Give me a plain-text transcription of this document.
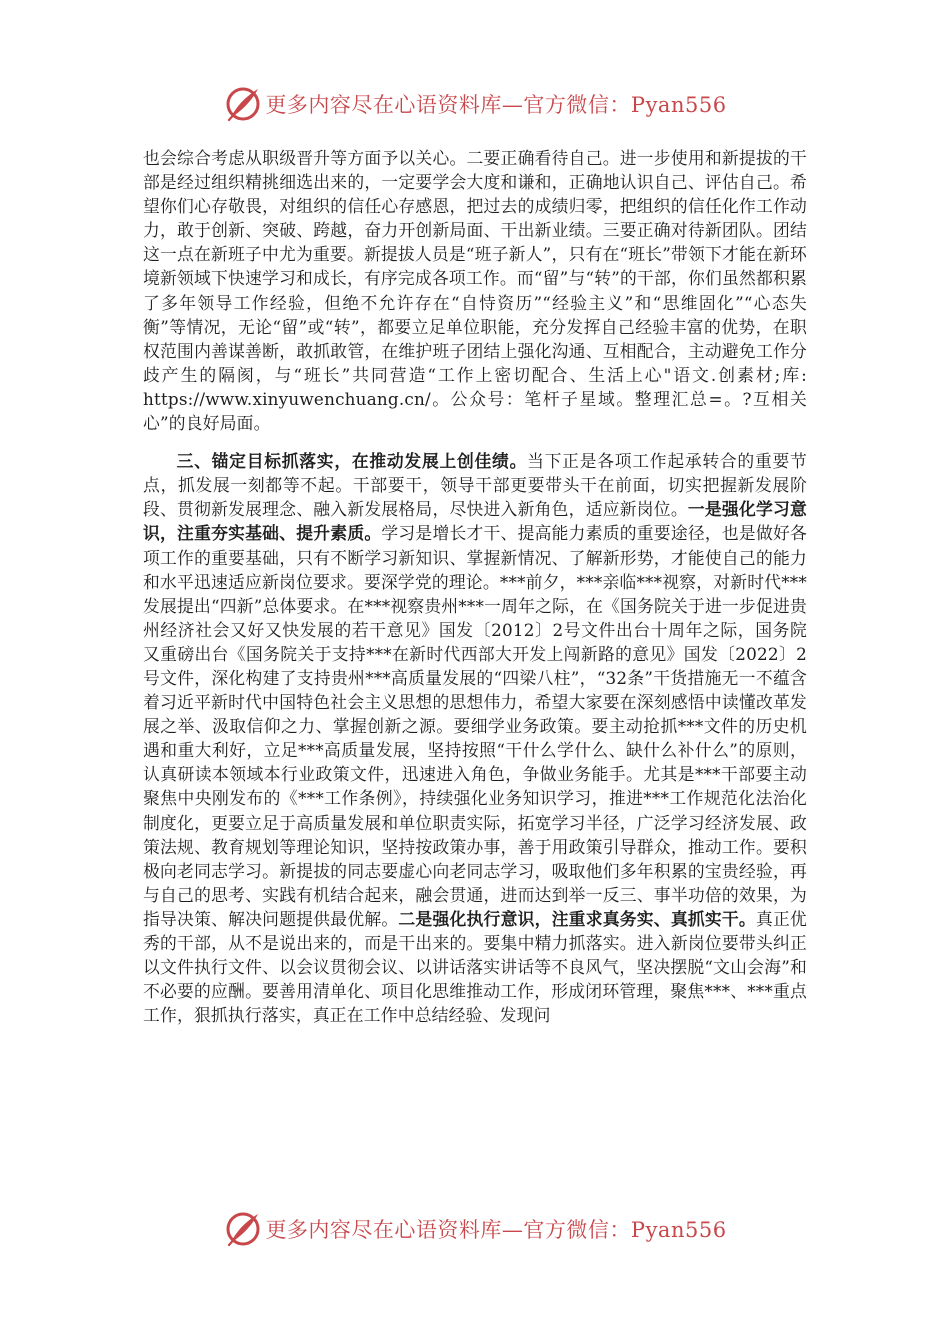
更多内容尽在心语资料库—官方微信：Pyan556

也会综合考虑从职级晋升等方面予以关心。二要正确看待自己。进一步使用和新提拔的干部是经过组织精挑细选出来的，一定要学会大度和谦和，正确地认识自己、评估自己。希望你们心存敬畏，对组织的信任心存感恩，把过去的成绩归零，把组织的信任化作工作动力，敢于创新、突破、跨越，奋力开创新局面、干出新业绩。三要正确对待新团队。团结这一点在新班子中尤为重要。新提拔人员是“班子新人”，只有在“班长”带领下才能在新环境新领域下快速学习和成长，有序完成各项工作。而“留”与“转”的干部，你们虽然都积累了多年领导工作经验，但绝不允许存在“自恃资历”“经验主义”和“思维固化”“心态失衡”等情况，无论“留”或“转”，都要立足单位职能，充分发挥自己经验丰富的优势，在职权范围内善谋善断，敢抓敢管，在维护班子团结上强化沟通、互相配合，主动避免工作分歧产生的隔阂，与“班长”共同营造“工作上密切配合、生活上心"语文.创素材;库: https://www.xinyuwenchuang.cn/。公众号：笔杆子星域。整理汇总=。?互相关心”的良好局面。

三、锚定目标抓落实，在推动发展上创佳绩。当下正是各项工作起承转合的重要节点，抓发展一刻都等不起。干部要干，领导干部更要带头干在前面，切实把握新发展阶段、贯彻新发展理念、融入新发展格局，尽快进入新角色，适应新岗位。一是强化学习意识，注重夯实基础、提升素质。学习是增长才干、提高能力素质的重要途径，也是做好各项工作的重要基础，只有不断学习新知识、掌握新情况、了解新形势，才能使自己的能力和水平迅速适应新岗位要求。要深学党的理论。***前夕，***亲临***视察，对新时代***发展提出“四新”总体要求。在***视察贵州***一周年之际，在《国务院关于进一步促进贵州经济社会又好又快发展的若干意见》国发〔2012〕2号文件出台十周年之际，国务院又重磅出台《国务院关于支持***在新时代西部大开发上闯新路的意见》国发〔2022〕2号文件，深化构建了支持贵州***高质量发展的“四梁八柱”，“32条”干货措施无一不蕴含着习近平新时代中国特色社会主义思想的思想伟力，希望大家要在深刻感悟中读懂改革发展之举、汲取信仰之力、掌握创新之源。要细学业务政策。要主动抢抓***文件的历史机遇和重大利好，立足***高质量发展，坚持按照“干什么学什么、缺什么补什么”的原则，认真研读本领域本行业政策文件，迅速进入角色，争做业务能手。尤其是***干部要主动聚焦中央刚发布的《***工作条例》，持续强化业务知识学习，推进***工作规范化法治化制度化，更要立足于高质量发展和单位职责实际，拓宽学习半径，广泛学习经济发展、政策法规、教育规划等理论知识，坚持按政策办事，善于用政策引导群众，推动工作。要积极向老同志学习。新提拔的同志要虚心向老同志学习，吸取他们多年积累的宝贵经验，再与自己的思考、实践有机结合起来，融会贯通，进而达到举一反三、事半功倍的效果，为指导决策、解决问题提供最优解。二是强化执行意识，注重求真务实、真抓实干。真正优秀的干部，从不是说出来的，而是干出来的。要集中精力抓落实。进入新岗位要带头纠正以文件执行文件、以会议贯彻会议、以讲话落实讲话等不良风气，坚决摆脱“文山会海”和不必要的应酬。要善用清单化、项目化思维推动工作，形成闭环管理，聚焦***、***重点工作，狠抓执行落实，真正在工作中总结经验、发现问

更多内容尽在心语资料库—官方微信：Pyan556
